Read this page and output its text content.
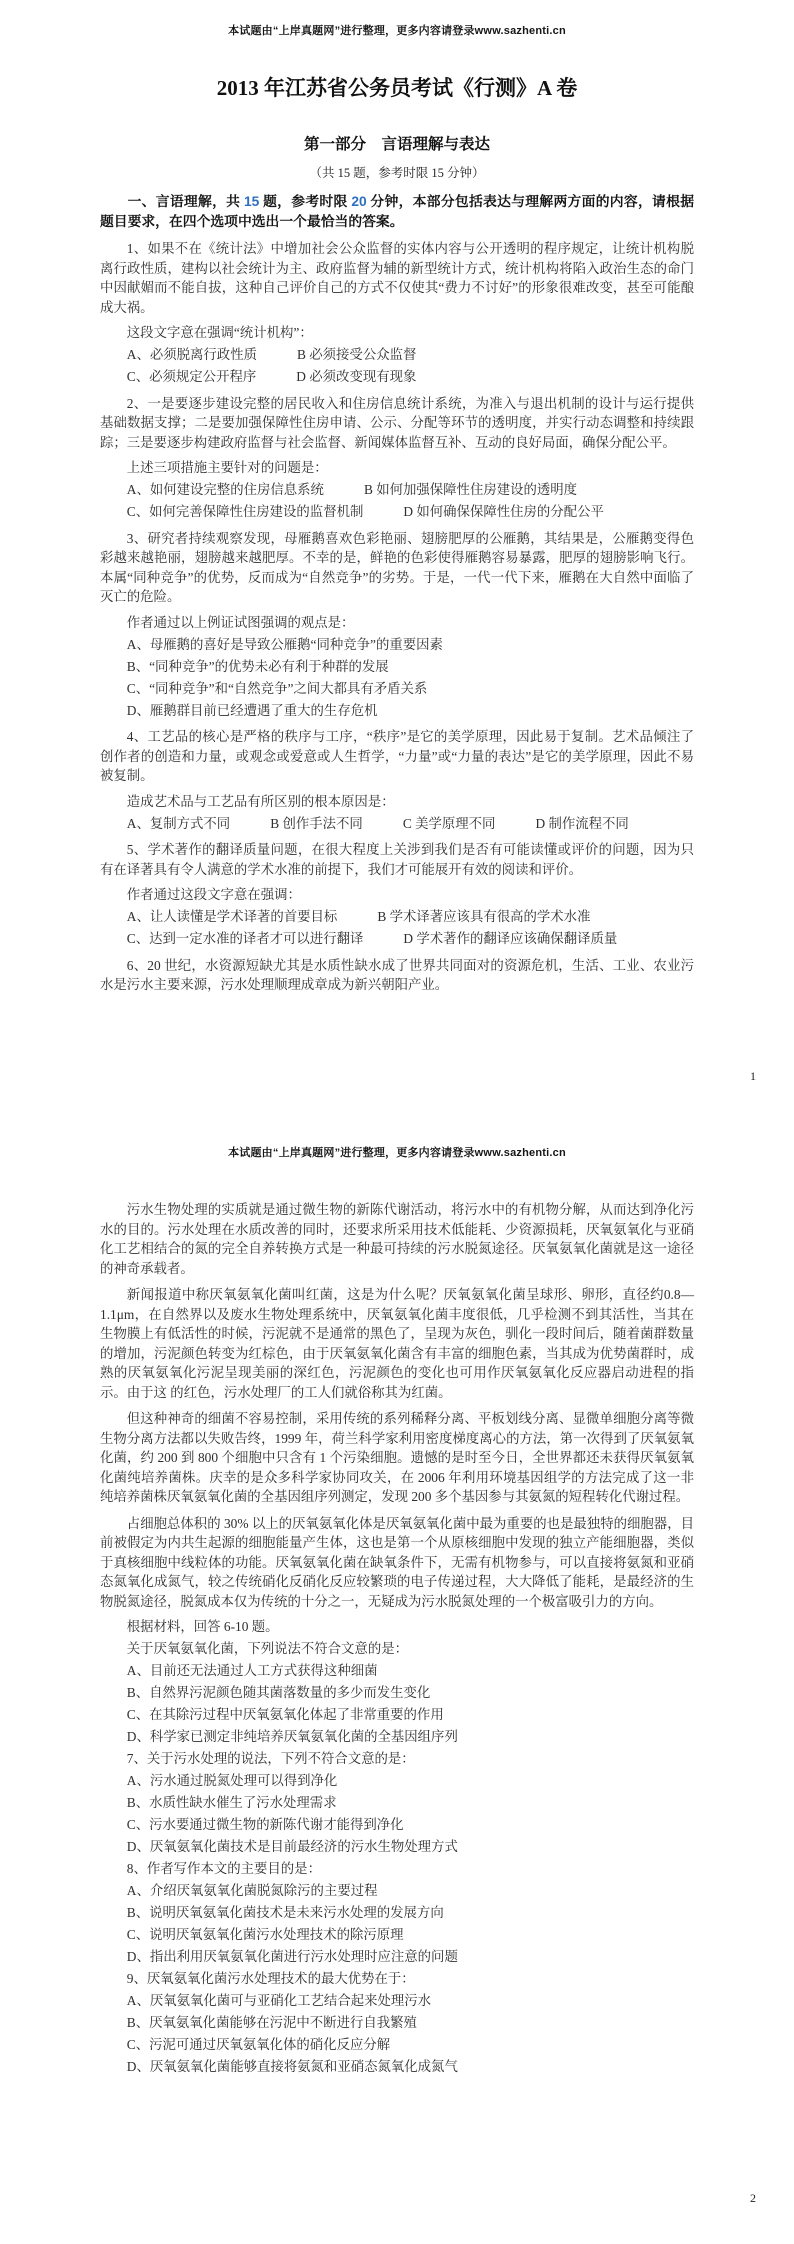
本试题由“上岸真题网”进行整理，更多内容请登录www.sazhenti.cn

2013 年江苏省公务员考试《行测》A 卷
第一部分　言语理解与表达

（共 15 题，参考时限 15 分钟）

一、言语理解，共 15 题，参考时限 20 分钟，本部分包括表达与理解两方面的内容，请根据题目要求，在四个选项中选出一个最恰当的答案。

1、如果不在《统计法》中增加社会公众监督的实体内容与公开透明的程序规定，让统计机构脱离行政性质，建构以社会统计为主、政府监督为辅的新型统计方式，统计机构将陷入政治生态的命门中因献媚而不能自拔，这种自己评价自己的方式不仅使其“费力不讨好”的形象很难改变，甚至可能酿成大祸。

这段文字意在强调“统计机构”：

A、必须脱离行政性质	B 必须接受公众监督

C、必须规定公开程序	D 必须改变现有现象

2、一是要逐步建设完整的居民收入和住房信息统计系统，为准入与退出机制的设计与运行提供基础数据支撑；二是要加强保障性住房申请、公示、分配等环节的透明度，并实行动态调整和持续跟踪；三是要逐步构建政府监督与社会监督、新闻媒体监督互补、互动的良好局面，确保分配公平。

上述三项措施主要针对的问题是：

A、如何建设完整的住房信息系统	B 如何加强保障性住房建设的透明度

C、如何完善保障性住房建设的监督机制	D 如何确保保障性住房的分配公平

3、研究者持续观察发现，母雁鹅喜欢色彩艳丽、翅膀肥厚的公雁鹅，其结果是，公雁鹅变得色彩越来越艳丽，翅膀越来越肥厚。不幸的是，鲜艳的色彩使得雁鹅容易暴露，肥厚的翅膀影响飞行。本属“同种竞争”的优势，反而成为“自然竞争”的劣势。于是，一代一代下来，雁鹅在大自然中面临了灭亡的危险。

作者通过以上例证试图强调的观点是：

A、母雁鹅的喜好是导致公雁鹅“同种竞争”的重要因素

B、“同种竞争”的优势未必有利于种群的发展

C、“同种竞争”和“自然竞争”之间大都具有矛盾关系

D、雁鹅群目前已经遭遇了重大的生存危机

4、工艺品的核心是严格的秩序与工序，“秩序”是它的美学原理，因此易于复制。艺术品倾注了创作者的创造和力量，或观念或爱意或人生哲学，“力量”或“力量的表达”是它的美学原理，因此不易被复制。

造成艺术品与工艺品有所区别的根本原因是：

A、复制方式不同	B 创作手法不同	C 美学原理不同	D 制作流程不同

5、学术著作的翻译质量问题，在很大程度上关涉到我们是否有可能读懂或评价的问题，因为只有在译著具有令人满意的学术水准的前提下，我们才可能展开有效的阅读和评价。

作者通过这段文字意在强调：

A、让人读懂是学术译著的首要目标	B 学术译著应该具有很高的学术水准

C、达到一定水准的译者才可以进行翻译	D 学术著作的翻译应该确保翻译质量

6、20 世纪，水资源短缺尤其是水质性缺水成了世界共同面对的资源危机，生活、工业、农业污水是污水主要来源，污水处理顺理成章成为新兴朝阳产业。

1

本试题由“上岸真题网”进行整理，更多内容请登录www.sazhenti.cn

污水生物处理的实质就是通过微生物的新陈代谢活动，将污水中的有机物分解，从而达到净化污水的目的。污水处理在水质改善的同时，还要求所采用技术低能耗、少资源损耗，厌氧氨氧化与亚硝化工艺相结合的氮的完全自养转换方式是一种最可持续的污水脱氮途径。厌氧氨氧化菌就是这一途径的神奇承载者。

新闻报道中称厌氧氨氧化菌叫红菌，这是为什么呢？厌氧氨氧化菌呈球形、卵形，直径约0.8—1.1μm，在自然界以及废水生物处理系统中，厌氧氨氧化菌丰度很低，几乎检测不到其活性，当其在生物膜上有低活性的时候，污泥就不是通常的黑色了，呈现为灰色，驯化一段时间后，随着菌群数量的增加，污泥颜色转变为红棕色，由于厌氧氨氧化菌含有丰富的细胞色素，当其成为优势菌群时，成熟的厌氧氨氧化污泥呈现美丽的深红色，污泥颜色的变化也可用作厌氧氨氧化反应器启动进程的指示。由于这 的红色，污水处理厂的工人们就俗称其为红菌。

但这种神奇的细菌不容易控制，采用传统的系列稀释分离、平板划线分离、显微单细胞分离等微生物分离方法都以失败告终，1999 年，荷兰科学家利用密度梯度离心的方法，第一次得到了厌氧氨氧化菌，约 200 到 800 个细胞中只含有 1 个污染细胞。遗憾的是时至今日，全世界都还未获得厌氧氨氧化菌纯培养菌株。庆幸的是众多科学家协同攻关，在 2006 年利用环境基因组学的方法完成了这一非纯培养菌株厌氧氨氧化菌的全基因组序列测定，发现 200 多个基因参与其氨氮的短程转化代谢过程。

占细胞总体积的 30% 以上的厌氧氨氧化体是厌氧氨氧化菌中最为重要的也是最独特的细胞器，目前被假定为内共生起源的细胞能量产生体，这也是第一个从原核细胞中发现的独立产能细胞器，类似于真核细胞中线粒体的功能。厌氧氨氧化菌在缺氧条件下，无需有机物参与，可以直接将氨氮和亚硝态氮氧化成氮气，较之传统硝化反硝化反应较繁琐的电子传递过程，大大降低了能耗，是最经济的生物脱氮途径，脱氮成本仅为传统的十分之一，无疑成为污水脱氮处理的一个极富吸引力的方向。

根据材料，回答 6-10 题。

关于厌氧氨氧化菌，下列说法不符合文意的是：

A、目前还无法通过人工方式获得这种细菌

B、自然界污泥颜色随其菌落数量的多少而发生变化

C、在其除污过程中厌氧氨氧化体起了非常重要的作用

D、科学家已测定非纯培养厌氧氨氧化菌的全基因组序列

7、关于污水处理的说法，下列不符合文意的是：

A、污水通过脱氮处理可以得到净化

B、水质性缺水催生了污水处理需求

C、污水要通过微生物的新陈代谢才能得到净化

D、厌氧氨氧化菌技术是目前最经济的污水生物处理方式

8、作者写作本文的主要目的是：

A、介绍厌氧氨氧化菌脱氮除污的主要过程

B、说明厌氧氨氧化菌技术是未来污水处理的发展方向

C、说明厌氧氨氧化菌污水处理技术的除污原理

D、指出利用厌氧氨氧化菌进行污水处理时应注意的问题

9、厌氧氨氧化菌污水处理技术的最大优势在于：

A、厌氧氨氧化菌可与亚硝化工艺结合起来处理污水

B、厌氧氨氧化菌能够在污泥中不断进行自我繁殖

C、污泥可通过厌氧氨氧化体的硝化反应分解

D、厌氧氨氧化菌能够直接将氨氮和亚硝态氮氧化成氮气

2
